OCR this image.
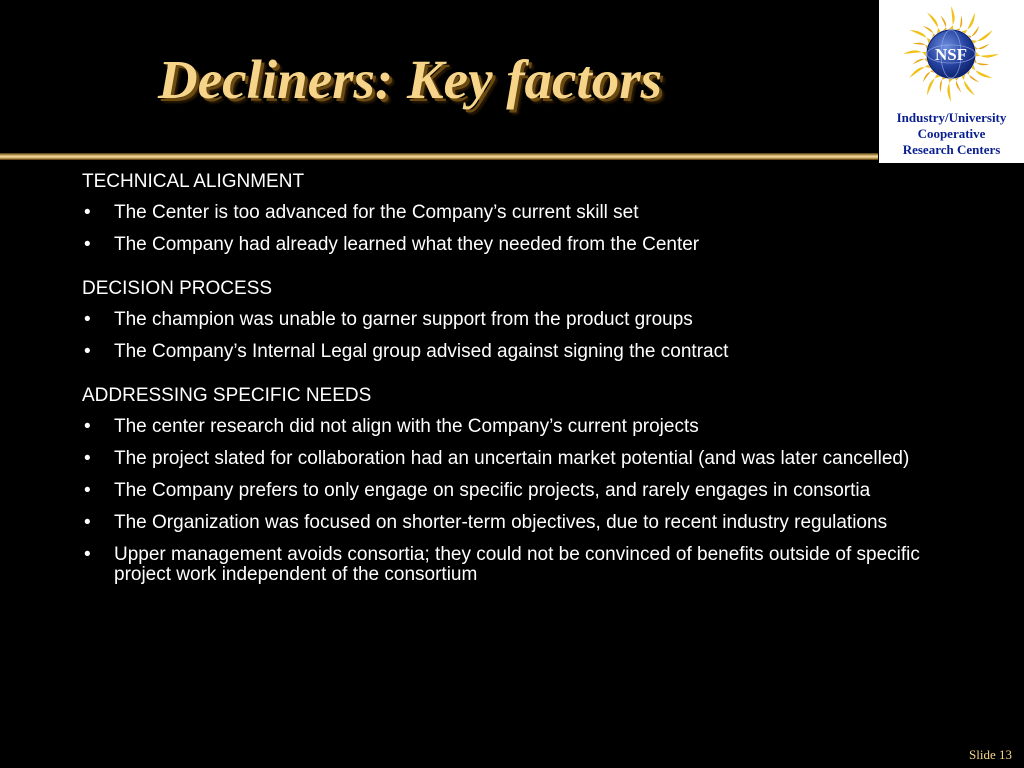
Decliners: Key factors	NSF
Industry/University
Cooperative
Research Centers
TECHNICAL ALIGNMENT
• The Center is too advanced for the Company’s current skill set
• The Company had already learned what they needed from the Center
DECISION PROCESS
• The champion was unable to garner support from the product groups
• The Company’s Internal Legal group advised against signing the contract
ADDRESSING SPECIFIC NEEDS
• The center research did not align with the Company’s current projects
• The project slated for collaboration had an uncertain market potential (and was later cancelled)
• The Company prefers to only engage on specific projects, and rarely engages in consortia
• The Organization was focused on shorter-term objectives, due to recent industry regulations
• Upper management avoids consortia; they could not be convinced of benefits outside of specific project work independent of the consortium
Slide 13
